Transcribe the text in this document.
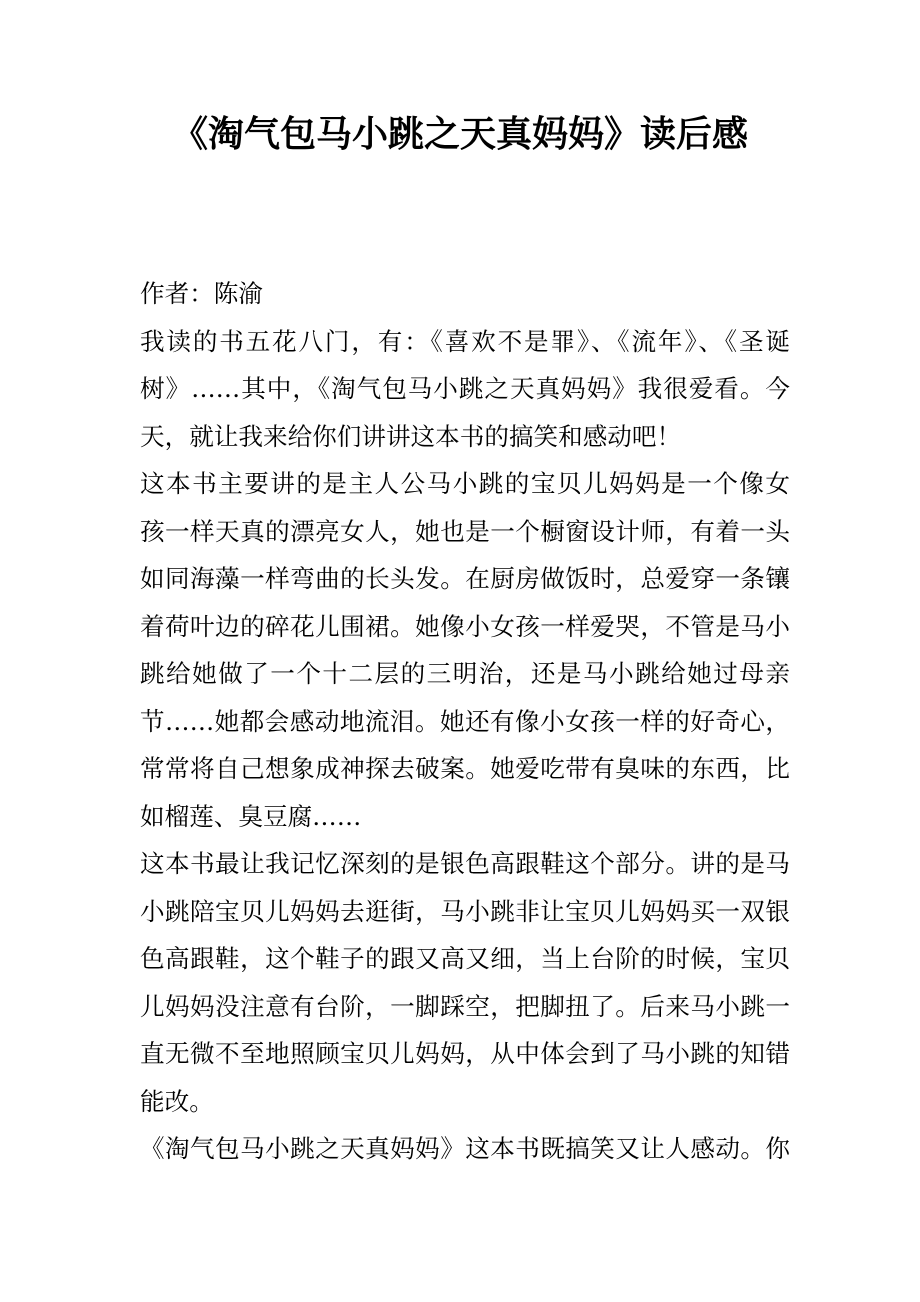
《淘气包马小跳之天真妈妈》读后感

作者：陈渝

我读的书五花八门，有：《喜欢不是罪》、《流年》、《圣诞
树》……其中，《淘气包马小跳之天真妈妈》我很爱看。今
天，就让我来给你们讲讲这本书的搞笑和感动吧！

这本书主要讲的是主人公马小跳的宝贝儿妈妈是一个像女
孩一样天真的漂亮女人，她也是一个橱窗设计师，有着一头
如同海藻一样弯曲的长头发。在厨房做饭时，总爱穿一条镶
着荷叶边的碎花儿围裙。她像小女孩一样爱哭，不管是马小
跳给她做了一个十二层的三明治，还是马小跳给她过母亲
节……她都会感动地流泪。她还有像小女孩一样的好奇心，
常常将自己想象成神探去破案。她爱吃带有臭味的东西，比
如榴莲、臭豆腐……

这本书最让我记忆深刻的是银色高跟鞋这个部分。讲的是马
小跳陪宝贝儿妈妈去逛街，马小跳非让宝贝儿妈妈买一双银
色高跟鞋，这个鞋子的跟又高又细，当上台阶的时候，宝贝
儿妈妈没注意有台阶，一脚踩空，把脚扭了。后来马小跳一
直无微不至地照顾宝贝儿妈妈，从中体会到了马小跳的知错
能改。

《淘气包马小跳之天真妈妈》这本书既搞笑又让人感动。你
